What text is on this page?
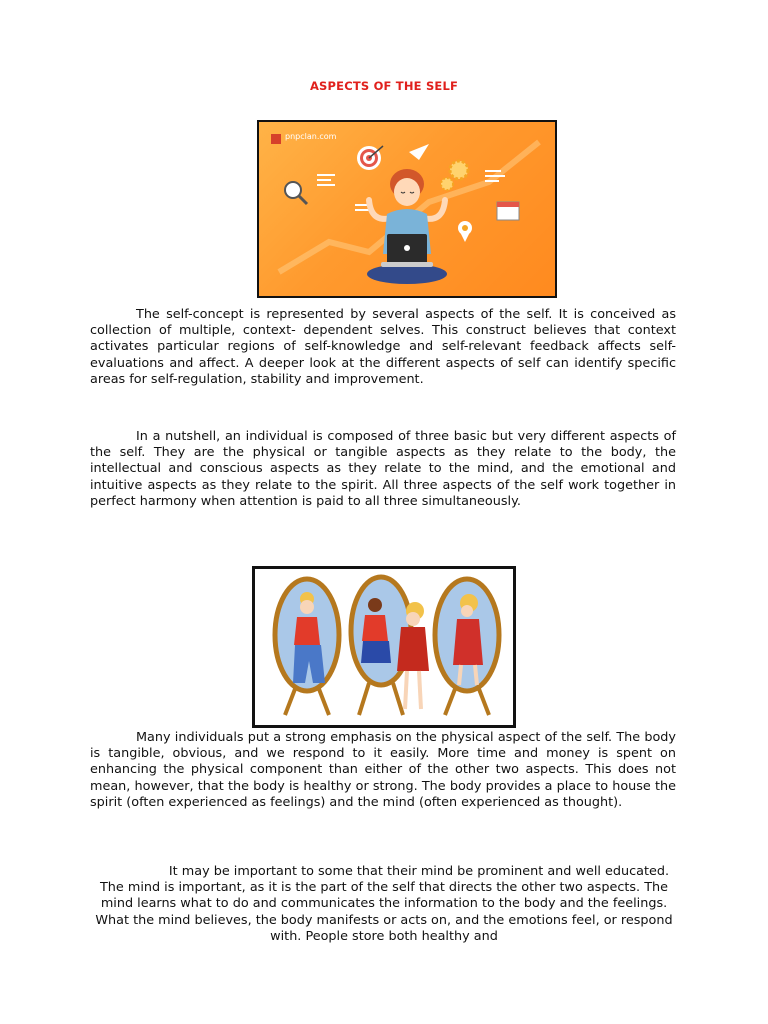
ASPECTS OF THE SELF
pnpclan.com
The self-concept is represented by several aspects of the self. It is conceived as collection of multiple, context- dependent selves. This construct believes that context activates particular regions of self-knowledge and self-relevant feedback affects self-evaluations and affect. A deeper look at the different aspects of self can identify specific areas for self-regulation, stability and improvement.
In a nutshell, an individual is composed of three basic but very different aspects of the self. They are the physical or tangible aspects as they relate to the body, the intellectual and conscious aspects as they relate to the mind, and the emotional and intuitive aspects as they relate to the spirit. All three aspects of the self work together in perfect harmony when attention is paid to all three simultaneously.
Many individuals put a strong emphasis on the physical aspect of the self. The body is tangible, obvious, and we respond to it easily. More time and money is spent on enhancing the physical component than either of the other two aspects. This does not mean, however, that the body is healthy or strong. The body provides a place to house the spirit (often experienced as feelings) and the mind (often experienced as thought).
It may be important to some that their mind be prominent and well educated. The mind is important, as it is the part of the self that directs the other two aspects. The mind learns what to do and communicates the information to the body and the feelings. What the mind believes, the body manifests or acts on, and the emotions feel, or respond with. People store both healthy and
